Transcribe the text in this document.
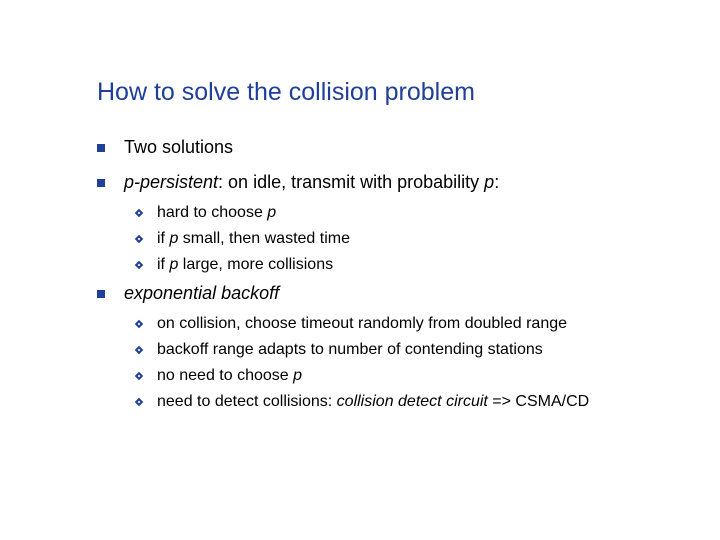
How to solve the collision problem
Two solutions
p-persistent: on idle, transmit with probability p:
hard to choose p
if p small, then wasted time
if p large, more collisions
exponential backoff
on collision, choose timeout randomly from doubled range
backoff range adapts to number of contending stations
no need to choose p
need to detect collisions: collision detect circuit => CSMA/CD
